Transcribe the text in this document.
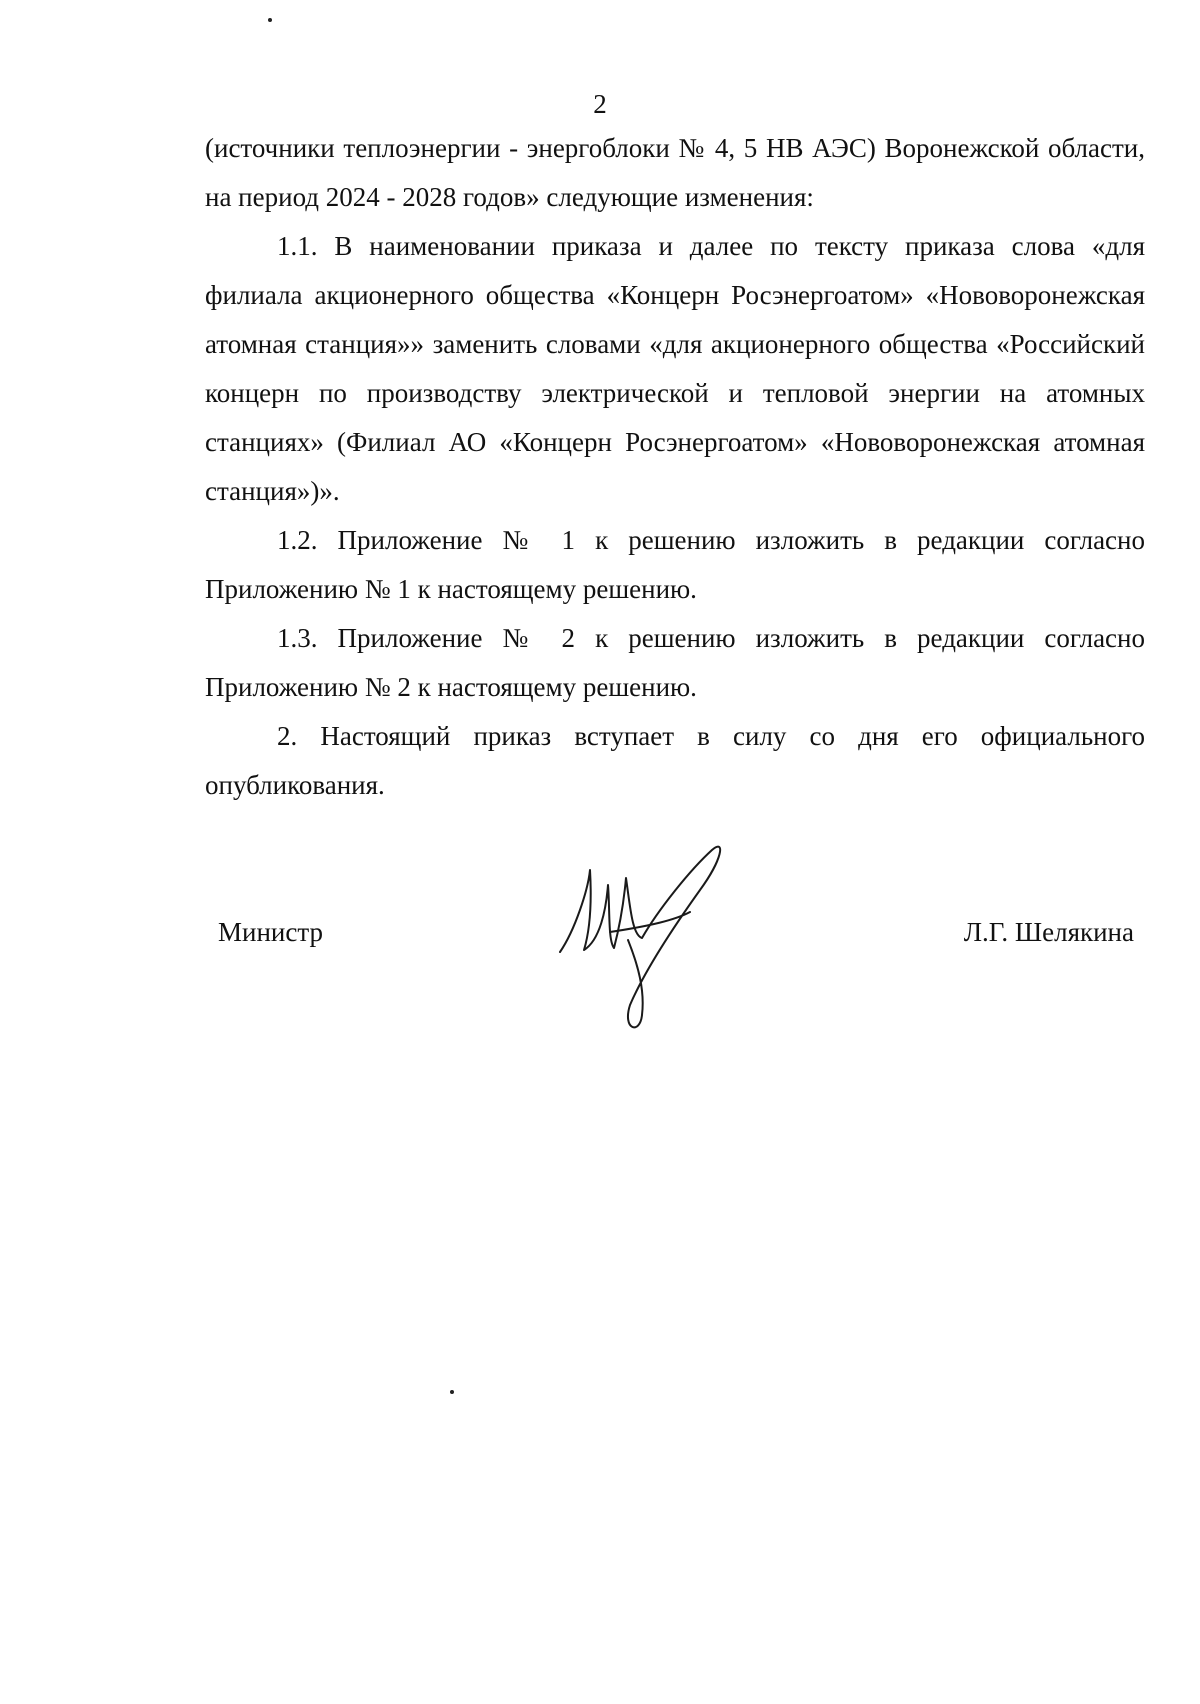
2

(источники теплоэнергии - энергоблоки № 4, 5 НВ АЭС) Воронежской области, на период 2024 - 2028 годов» следующие изменения:

1.1. В наименовании приказа и далее по тексту приказа слова «для филиала акционерного общества «Концерн Росэнергоатом» «Нововоронежская атомная станция»» заменить словами «для акционерного общества «Российский концерн по производству электрической и тепловой энергии на атомных станциях» (Филиал АО «Концерн Росэнергоатом» «Нововоронежская атомная станция»)».

1.2. Приложение № 1 к решению изложить в редакции согласно Приложению № 1 к настоящему решению.

1.3. Приложение № 2 к решению изложить в редакции согласно Приложению № 2 к настоящему решению.

2. Настоящий приказ вступает в силу со дня его официального опубликования.

Министр	Л.Г. Шелякина
